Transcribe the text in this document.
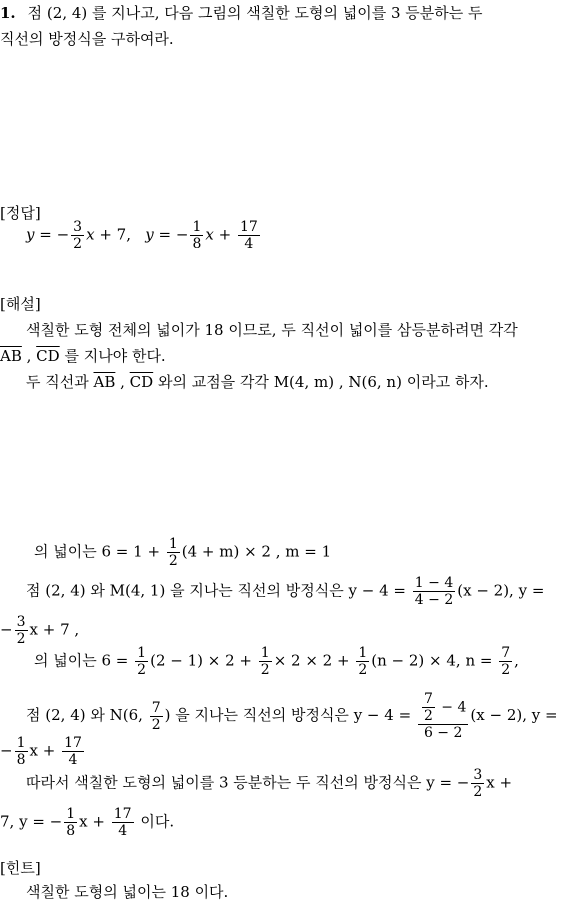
1. 점 (2, 4) 를 지나고, 다음 그림의 색칠한 도형의 넓이를 3 등분하는 두
직선의 방정식을 구하여라.
[정답]
y = − $\frac{3}{2}$ x + 7,   y = − $\frac{1}{8}$ $x + \frac{17}{4}$
[해설]
색칠한 도형 전체의 넓이가 18 이므로, 두 직선이 넓이를 삼등분하려면 각각
$\overline{AB}$ , $\overline{CD}$ 를 지나야 한다.
두 직선과 $\overline{AB}$ , $\overline{CD}$ 와의 교점을 각각 M(4, m) , N(6, n) 이라고 하자.
의 넓이는 $6 = 1 + \frac{1}{2} (4 + m) \times 2$ , m = 1
점 (2, 4) 와 M(4, 1) 을 지나는 직선의 방정식은 $y - 4 = \frac{1 - 4}{4 - 2} (x - 2)$, y =
− $\frac{3}{2}$ x + 7 ,
의 넓이는 $6 = \frac{1}{2} (2 - 1) \times 2 + \frac{1}{2} \times 2 \times 2 + \frac{1}{2} (n - 2) \times 4$, $n = \frac{7}{2}$ ,
점 (2, 4) 와 N(6, $\frac{7}{2}$ ) 을 지나는 직선의 방정식은 $y - 4 = \frac{\frac{7}{2} - 4}{6 - 2} (x - 2)$, y =
− $\frac{1}{8}$ $x + \frac{17}{4}$
따라서 색칠한 도형의 넓이를 3 등분하는 두 직선의 방정식은 y = − $\frac{3}{2}$ x +
7, y = − $\frac{1}{8}$ $x + \frac{17}{4}$ 이다.
[힌트]
색칠한 도형의 넓이는 18 이다.
